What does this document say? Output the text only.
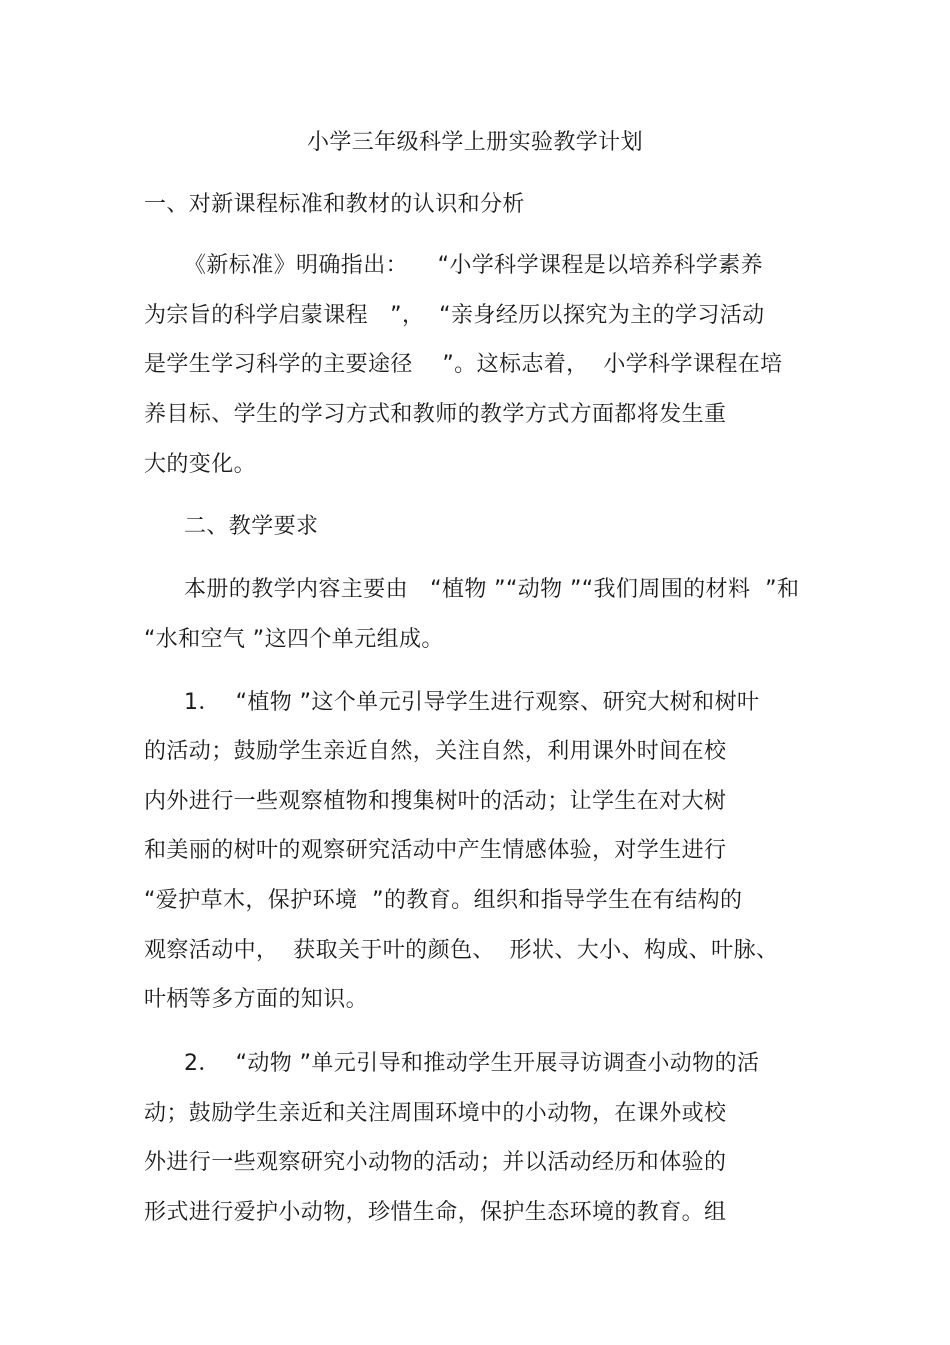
小学三年级科学上册实验教学计划
一、对新课程标准和教材的认识和分析
《新标准》明确指出：    “小学科学课程是以培养科学素养
为宗旨的科学启蒙课程   ”，  “亲身经历以探究为主的学习活动
是学生学习科学的主要途径    ”。这标志着，  小学科学课程在培
养目标、学生的学习方式和教师的教学方式方面都将发生重
大的变化。
二、教学要求
本册的教学内容主要由   “植物 ”“动物 ”“我们周围的材料  ”和
“水和空气 ”这四个单元组成。
1．  “植物 ”这个单元引导学生进行观察、研究大树和树叶
的活动；鼓励学生亲近自然，关注自然，利用课外时间在校
内外进行一些观察植物和搜集树叶的活动；让学生在对大树
和美丽的树叶的观察研究活动中产生情感体验，对学生进行
“爱护草木，保护环境  ”的教育。组织和指导学生在有结构的
观察活动中，  获取关于叶的颜色、  形状、大小、构成、叶脉、
叶柄等多方面的知识。
2．  “动物 ”单元引导和推动学生开展寻访调查小动物的活
动；鼓励学生亲近和关注周围环境中的小动物，在课外或校
外进行一些观察研究小动物的活动；并以活动经历和体验的
形式进行爱护小动物，珍惜生命，保护生态环境的教育。组
